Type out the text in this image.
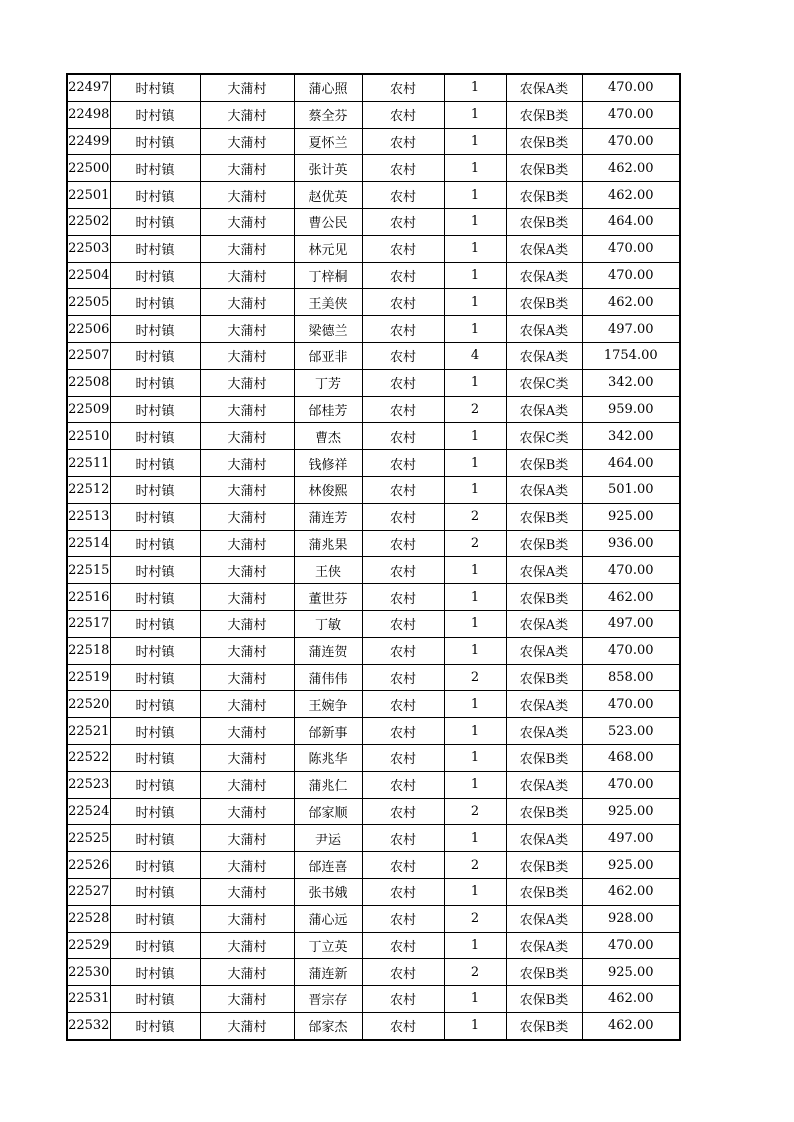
22497	时村镇	大蒲村	蒲心照	农村	1	农保A类	470.00
22498	时村镇	大蒲村	蔡全芬	农村	1	农保B类	470.00
22499	时村镇	大蒲村	夏怀兰	农村	1	农保B类	470.00
22500	时村镇	大蒲村	张计英	农村	1	农保B类	462.00
22501	时村镇	大蒲村	赵优英	农村	1	农保B类	462.00
22502	时村镇	大蒲村	曹公民	农村	1	农保B类	464.00
22503	时村镇	大蒲村	林元见	农村	1	农保A类	470.00
22504	时村镇	大蒲村	丁梓桐	农村	1	农保A类	470.00
22505	时村镇	大蒲村	王美侠	农村	1	农保B类	462.00
22506	时村镇	大蒲村	梁德兰	农村	1	农保A类	497.00
22507	时村镇	大蒲村	邰亚非	农村	4	农保A类	1754.00
22508	时村镇	大蒲村	丁芳	农村	1	农保C类	342.00
22509	时村镇	大蒲村	邰桂芳	农村	2	农保A类	959.00
22510	时村镇	大蒲村	曹杰	农村	1	农保C类	342.00
22511	时村镇	大蒲村	钱修祥	农村	1	农保B类	464.00
22512	时村镇	大蒲村	林俊熙	农村	1	农保A类	501.00
22513	时村镇	大蒲村	蒲连芳	农村	2	农保B类	925.00
22514	时村镇	大蒲村	蒲兆果	农村	2	农保B类	936.00
22515	时村镇	大蒲村	王侠	农村	1	农保A类	470.00
22516	时村镇	大蒲村	董世芬	农村	1	农保B类	462.00
22517	时村镇	大蒲村	丁敏	农村	1	农保A类	497.00
22518	时村镇	大蒲村	蒲连贺	农村	1	农保A类	470.00
22519	时村镇	大蒲村	蒲伟伟	农村	2	农保B类	858.00
22520	时村镇	大蒲村	王婉争	农村	1	农保A类	470.00
22521	时村镇	大蒲村	邰新事	农村	1	农保A类	523.00
22522	时村镇	大蒲村	陈兆华	农村	1	农保B类	468.00
22523	时村镇	大蒲村	蒲兆仁	农村	1	农保A类	470.00
22524	时村镇	大蒲村	邰家顺	农村	2	农保B类	925.00
22525	时村镇	大蒲村	尹运	农村	1	农保A类	497.00
22526	时村镇	大蒲村	邰连喜	农村	2	农保B类	925.00
22527	时村镇	大蒲村	张书娥	农村	1	农保B类	462.00
22528	时村镇	大蒲村	蒲心远	农村	2	农保A类	928.00
22529	时村镇	大蒲村	丁立英	农村	1	农保A类	470.00
22530	时村镇	大蒲村	蒲连新	农村	2	农保B类	925.00
22531	时村镇	大蒲村	晋宗存	农村	1	农保B类	462.00
22532	时村镇	大蒲村	邰家杰	农村	1	农保B类	462.00
